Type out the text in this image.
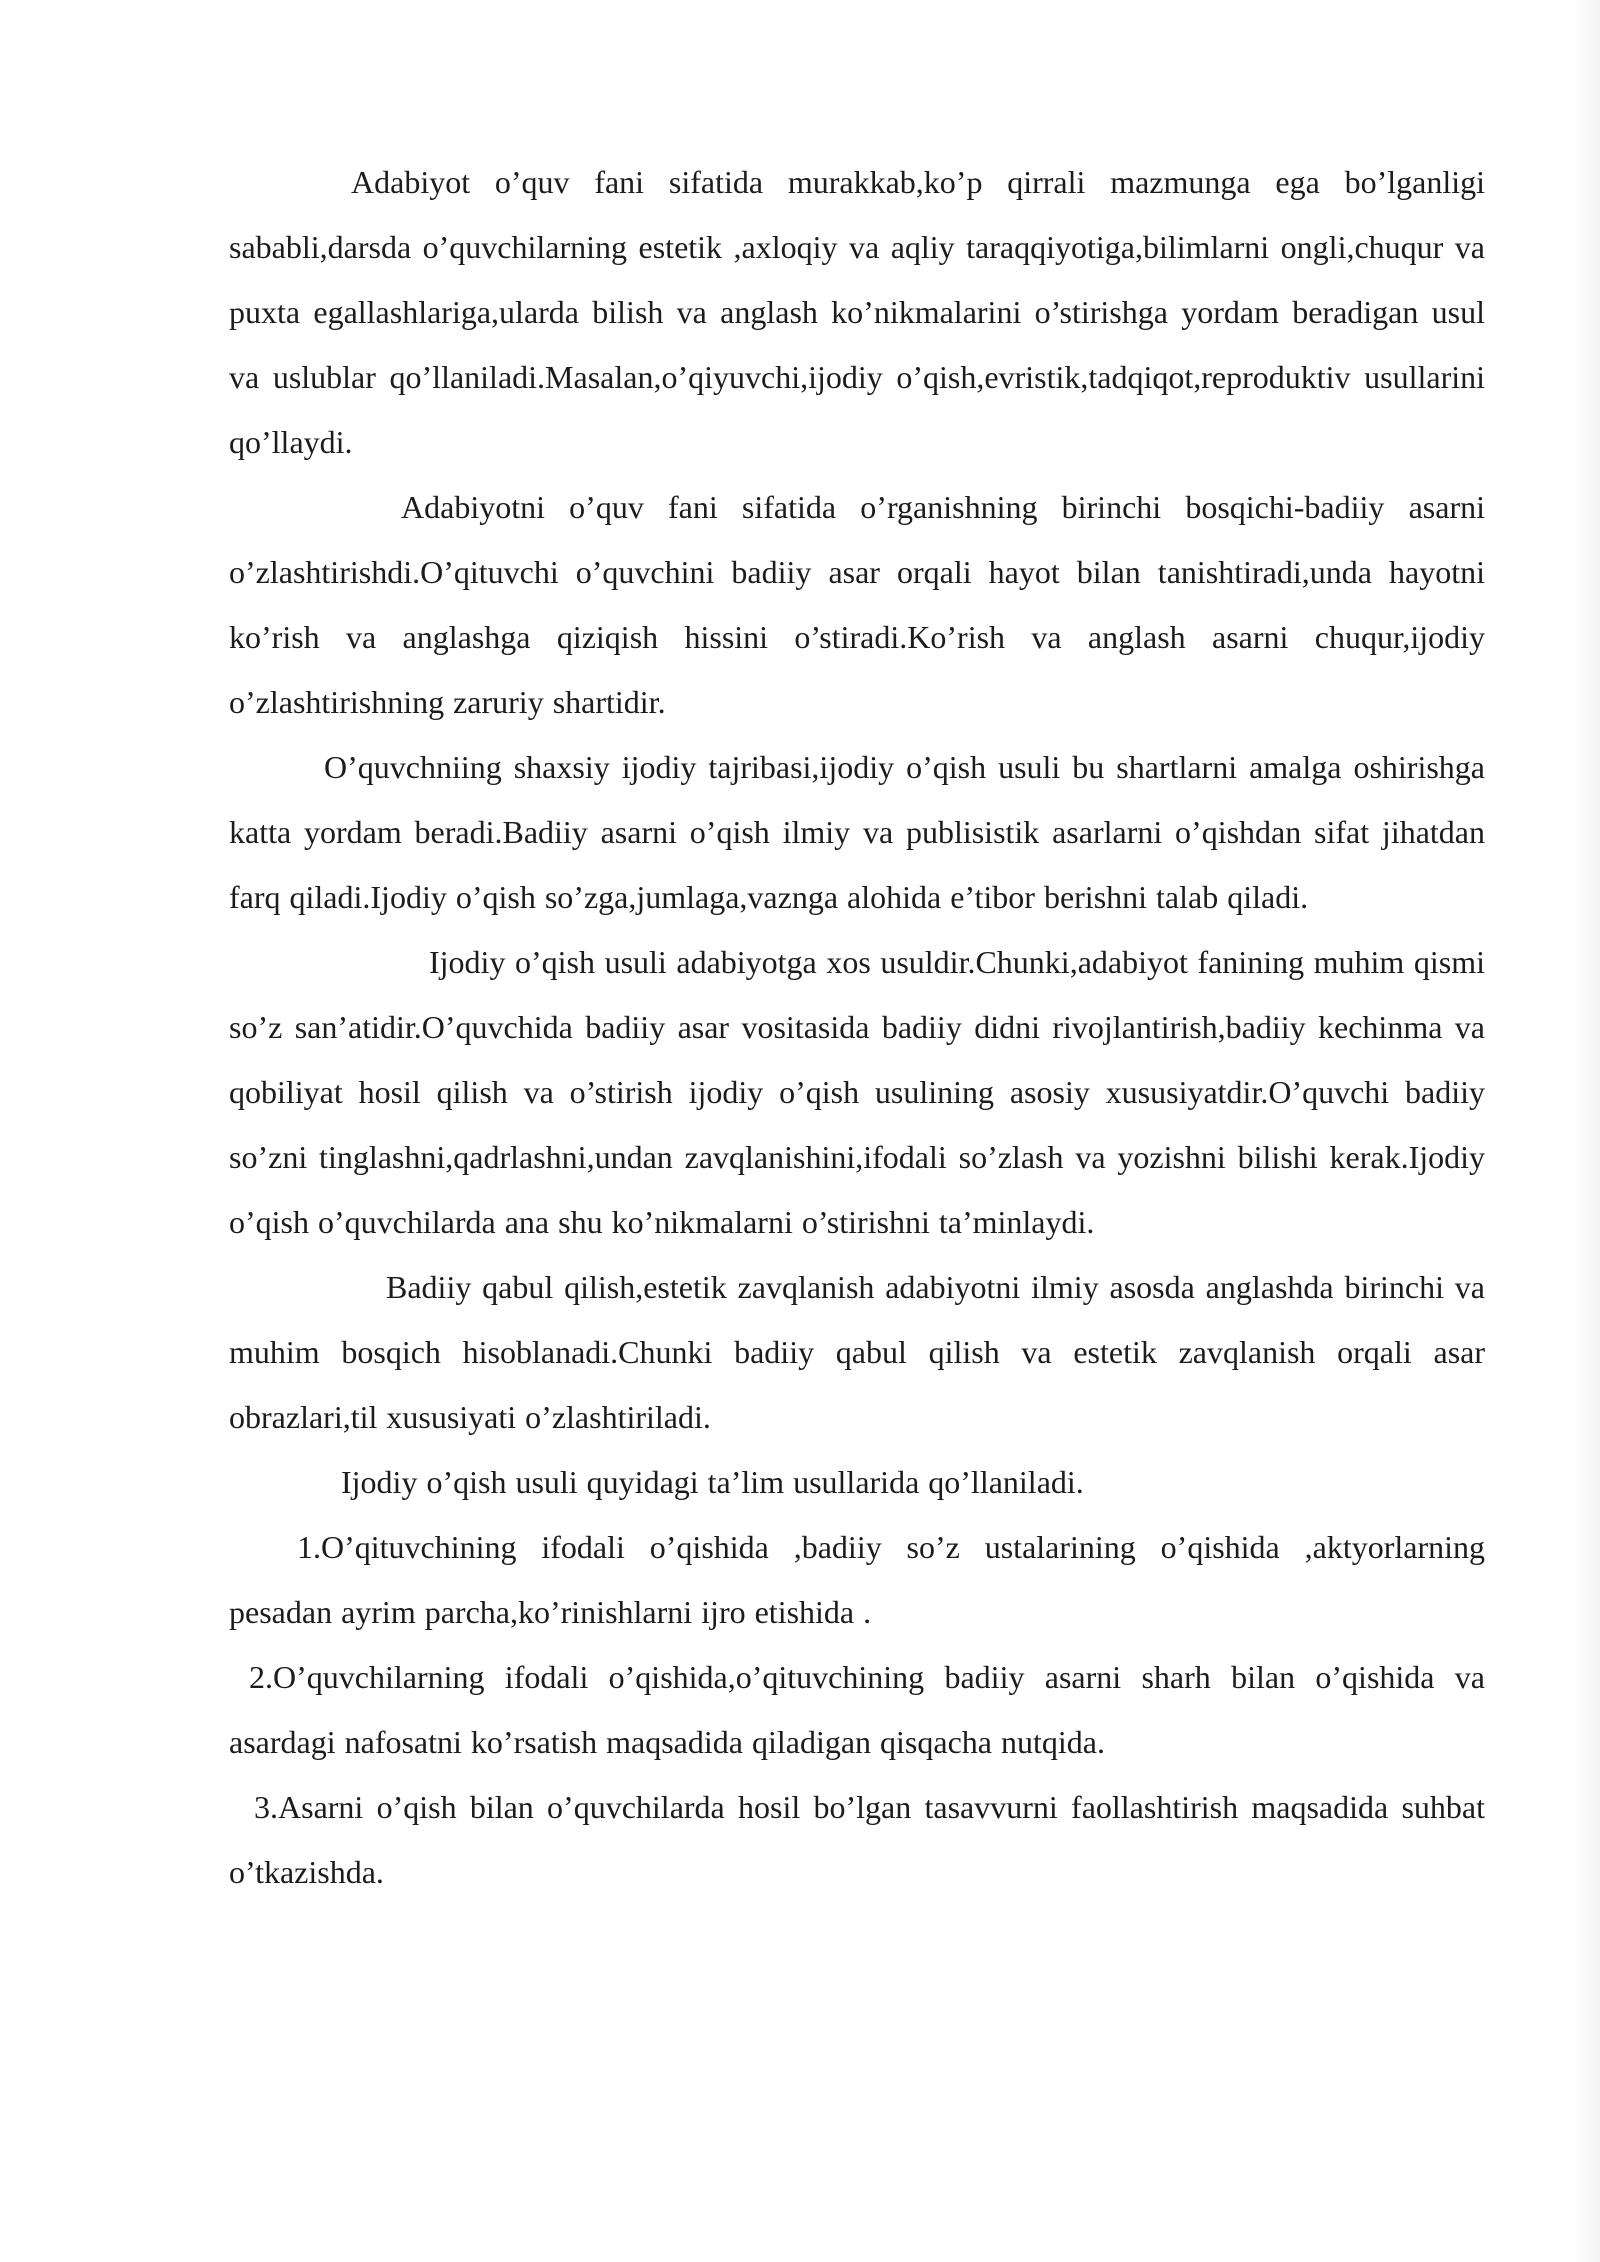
Adabiyot o’quv fani sifatida murakkab,ko’p qirrali mazmunga ega bo’lganligi sababli,darsda o’quvchilarning estetik ,axloqiy va aqliy taraqqiyotiga,bilimlarni ongli,chuqur va puxta egallashlariga,ularda bilish va anglash ko’nikmalarini o’stirishga yordam beradigan usul va uslublar qo’llaniladi.Masalan,o’qiyuvchi,ijodiy o’qish,evristik,tadqiqot,reproduktiv usullarini qo’llaydi.

Adabiyotni o’quv fani sifatida o’rganishning birinchi bosqichi-badiiy asarni o’zlashtirishdi.O’qituvchi o’quvchini badiiy asar orqali hayot bilan tanishtiradi,unda hayotni ko’rish va anglashga qiziqish hissini o’stiradi.Ko’rish va anglash asarni chuqur,ijodiy o’zlashtirishning zaruriy shartidir.

O’quvchniing shaxsiy ijodiy tajribasi,ijodiy o’qish usuli bu shartlarni amalga oshirishga katta yordam beradi.Badiiy asarni o’qish ilmiy va publisistik asarlarni o’qishdan sifat jihatdan farq qiladi.Ijodiy o’qish so’zga,jumlaga,vaznga alohida e’tibor berishni talab qiladi.

Ijodiy o’qish usuli adabiyotga xos usuldir.Chunki,adabiyot fanining muhim qismi so’z san’atidir.O’quvchida badiiy asar vositasida badiiy didni rivojlantirish,badiiy kechinma va qobiliyat hosil qilish va o’stirish ijodiy o’qish usulining asosiy xususiyatdir.O’quvchi badiiy so’zni tinglashni,qadrlashni,undan zavqlanishini,ifodali so’zlash va yozishni bilishi kerak.Ijodiy o’qish o’quvchilarda ana shu ko’nikmalarni o’stirishni ta’minlaydi.

Badiiy qabul qilish,estetik zavqlanish adabiyotni ilmiy asosda anglashda birinchi va muhim bosqich hisoblanadi.Chunki badiiy qabul qilish va estetik zavqlanish orqali asar obrazlari,til xususiyati o’zlashtiriladi.

Ijodiy o’qish usuli quyidagi ta’lim usullarida qo’llaniladi.

1.O’qituvchining ifodali o’qishida ,badiiy so’z ustalarining o’qishida ,aktyorlarning pesadan ayrim parcha,ko’rinishlarni ijro etishida .

2.O’quvchilarning ifodali o’qishida,o’qituvchining badiiy asarni sharh bilan o’qishida va asardagi nafosatni ko’rsatish maqsadida qiladigan qisqacha nutqida.

3.Asarni o’qish bilan o’quvchilarda hosil bo’lgan tasavvurni faollashtirish maqsadida suhbat o’tkazishda.
